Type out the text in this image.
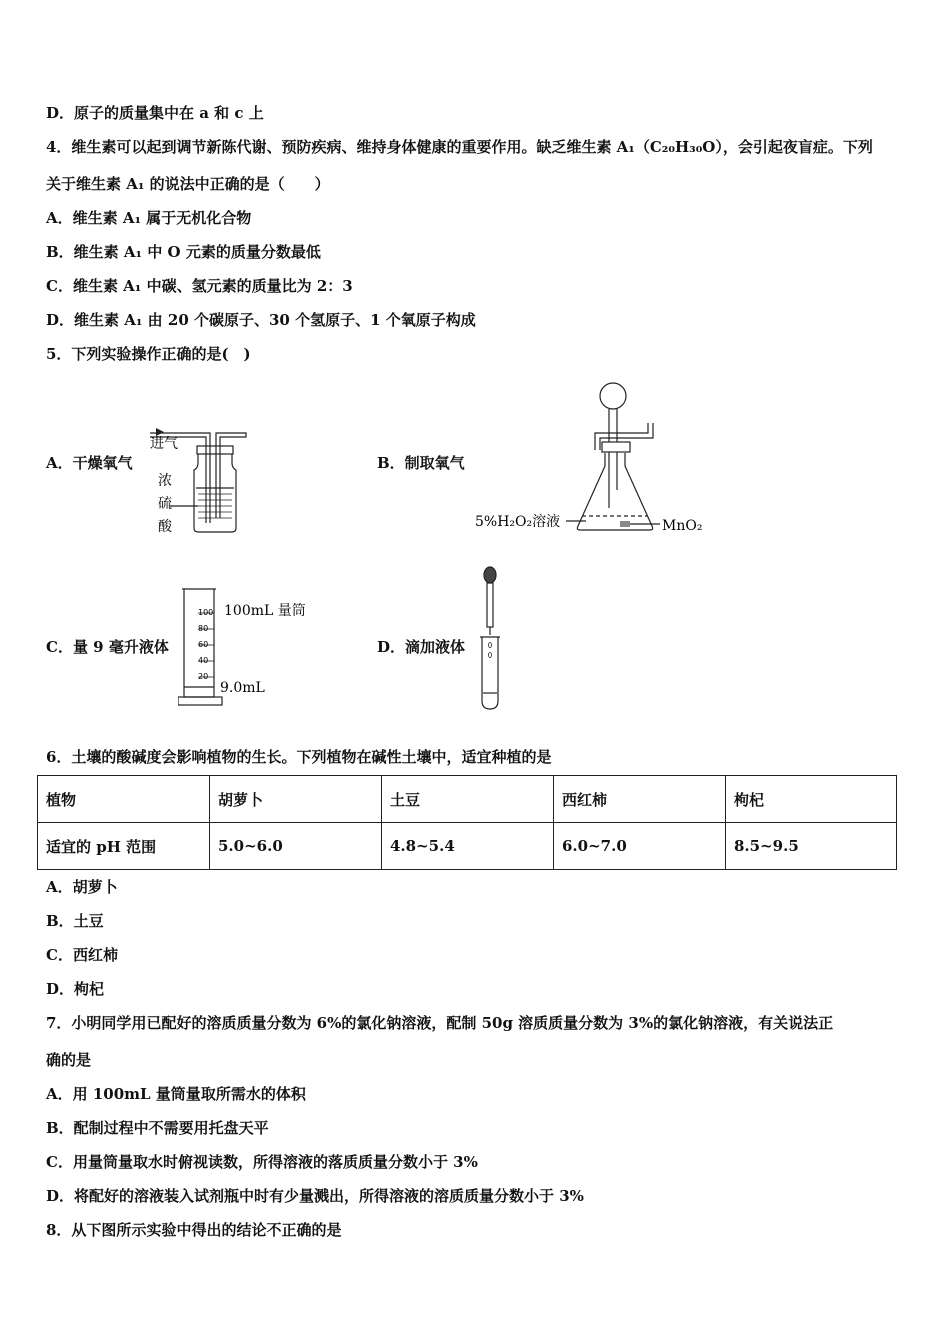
D．原子的质量集中在 a 和 c 上
4．维生素可以起到调节新陈代谢、预防疾病、维持身体健康的重要作用。缺乏维生素 A₁（C₂₀H₃₀O），会引起夜盲症。下列
关于维生素 A₁ 的说法中正确的是（　　）
A．维生素 A₁ 属于无机化合物
B．维生素 A₁ 中 O 元素的质量分数最低
C．维生素 A₁ 中碳、氢元素的质量比为 2：3
D．维生素 A₁ 由 20 个碳原子、30 个氢原子、1 个氧原子构成
5．下列实验操作正确的是(　)
A．干燥氧气	B．制取氧气
C．量 9 毫升液体	D．滴加液体
进气
浓
硫
酸	5%H₂O₂溶液	MnO₂
100
80
60
40
20
100mL 量筒
9.0mL
6．土壤的酸碱度会影响植物的生长。下列植物在碱性土壤中，适宜种植的是
植物	胡萝卜	土豆	西红柿	枸杞
适宜的 pH 范围	5.0~6.0	4.8~5.4	6.0~7.0	8.5~9.5
A．胡萝卜
B．土豆
C．西红柿
D．枸杞
7．小明同学用已配好的溶质质量分数为 6%的氯化钠溶液，配制 50g 溶质质量分数为 3%的氯化钠溶液，有关说法正
确的是
A．用 100mL 量筒量取所需水的体积
B．配制过程中不需要用托盘天平
C．用量筒量取水时俯视读数，所得溶液的落质质量分数小于 3%
D．将配好的溶液装入试剂瓶中时有少量溅出，所得溶液的溶质质量分数小于 3%
8．从下图所示实验中得出的结论不正确的是
